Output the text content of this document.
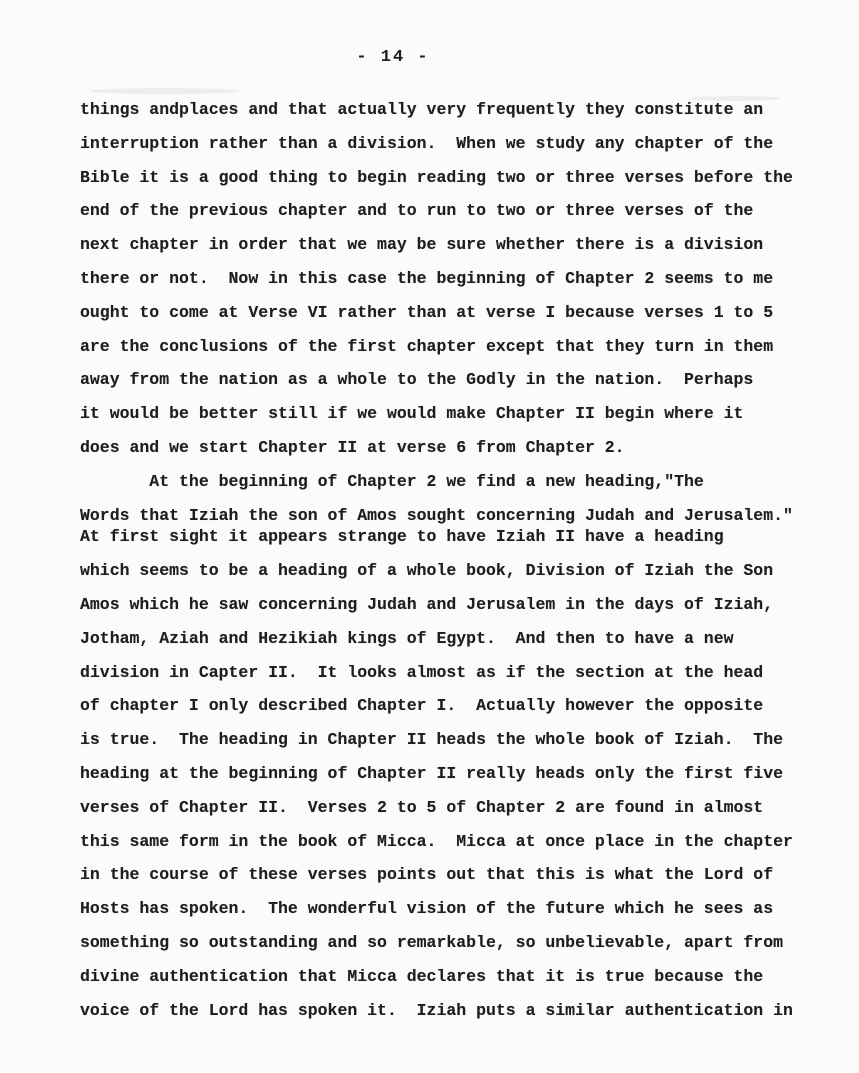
- 14 -
things andplaces and that actually very frequently they constitute an
interruption rather than a division.  When we study any chapter of the
Bible it is a good thing to begin reading two or three verses before the
end of the previous chapter and to run to two or three verses of the
next chapter in order that we may be sure whether there is a division
there or not.  Now in this case the beginning of Chapter 2 seems to me
ought to come at Verse VI rather than at verse I because verses 1 to 5
are the conclusions of the first chapter except that they turn in them
away from the nation as a whole to the Godly in the nation.  Perhaps
it would be better still if we would make Chapter II begin where it
does and we start Chapter II at verse 6 from Chapter 2.
At the beginning of Chapter 2 we find a new heading,"The
Words that Iziah the son of Amos sought concerning Judah and Jerusalem."
At first sight it appears strange to have Iziah II have a heading
which seems to be a heading of a whole book, Division of Iziah the Son
Amos which he saw concerning Judah and Jerusalem in the days of Iziah,
Jotham, Aziah and Hezikiah kings of Egypt.  And then to have a new
division in Capter II.  It looks almost as if the section at the head
of chapter I only described Chapter I.  Actually however the opposite
is true.  The heading in Chapter II heads the whole book of Iziah.  The
heading at the beginning of Chapter II really heads only the first five
verses of Chapter II.  Verses 2 to 5 of Chapter 2 are found in almost
this same form in the book of Micca.  Micca at once place in the chapter
in the course of these verses points out that this is what the Lord of
Hosts has spoken.  The wonderful vision of the future which he sees as
something so outstanding and so remarkable, so unbelievable, apart from
divine authentication that Micca declares that it is true because the
voice of the Lord has spoken it.  Iziah puts a similar authentication in
